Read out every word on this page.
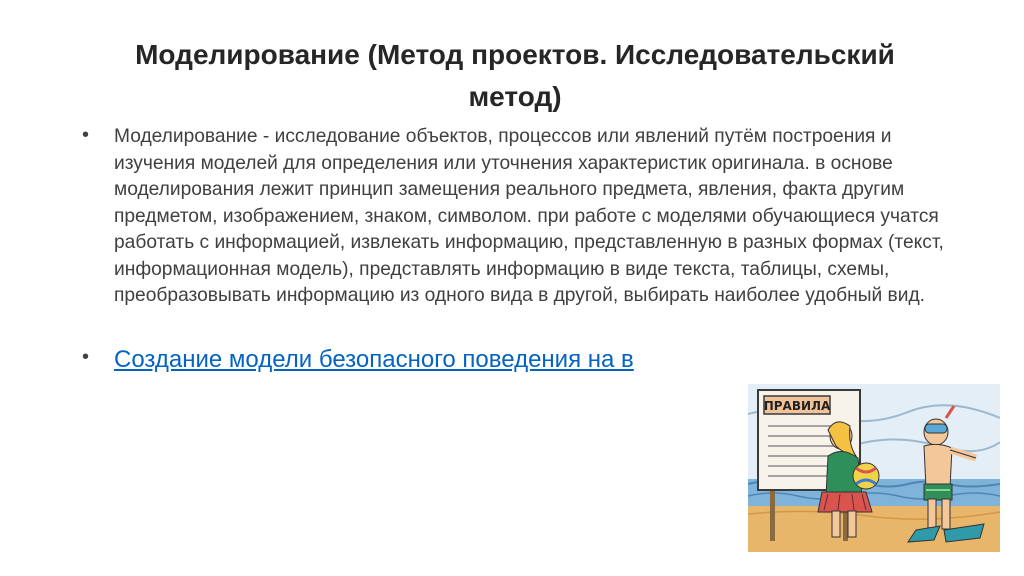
Моделирование (Метод проектов. Исследовательский
метод)
• Моделирование - исследование объектов, процессов или явлений путём построения и изучения моделей для определения или уточнения характеристик оригинала. в основе моделирования лежит принцип замещения реального предмета, явления, факта другим предметом, изображением, знаком, символом. при работе с моделями обучающиеся учатся работать с информацией, извлекать информацию, представленную в разных формах (текст, информационная модель), представлять информацию в виде текста, таблицы, схемы, преобразовывать информацию из одного вида в другой, выбирать наиболее удобный вид.

• Создание модели безопасного поведения на в
ПРАВИЛА
